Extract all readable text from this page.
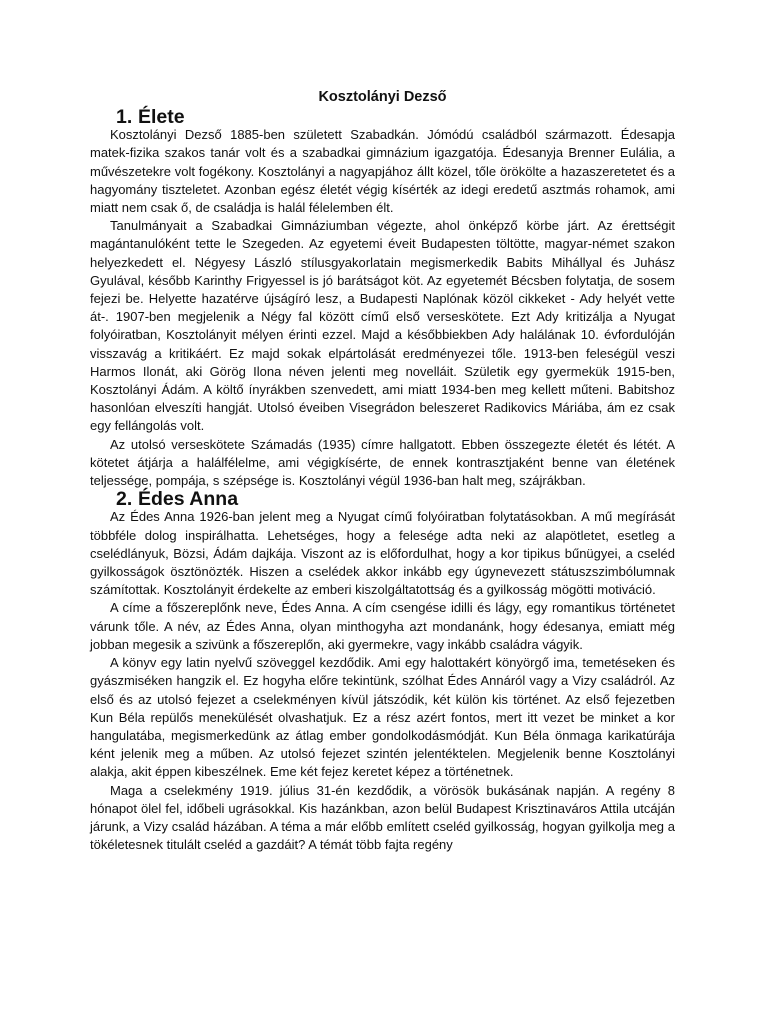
Kosztolányi Dezső
1. Élete

Kosztolányi Dezső 1885-ben született Szabadkán. Jómódú családból származott. Édesapja matek-fizika szakos tanár volt és a szabadkai gimnázium igazgatója. Édesanyja Brenner Eulália, a művészetekre volt fogékony. Kosztolányi a nagyapjához állt közel, tőle örökölte a hazaszeretetet és a hagyomány tiszteletet. Azonban egész életét végig kísérték az idegi eredetű asztmás rohamok, ami miatt nem csak ő, de családja is halál félelemben élt.

Tanulmányait a Szabadkai Gimnáziumban végezte, ahol önképző körbe járt. Az érettségit magántanulóként tette le Szegeden. Az egyetemi éveit Budapesten töltötte, magyar-német szakon helyezkedett el. Négyesy László stílusgyakorlatain megismerkedik Babits Mihállyal és Juhász Gyulával, később Karinthy Frigyessel is jó barátságot köt. Az egyetemét Bécsben folytatja, de sosem fejezi be. Helyette hazatérve újságíró lesz, a Budapesti Naplónak közöl cikkeket - Ady helyét vette át-. 1907-ben megjelenik a Négy fal között című első verseskötete. Ezt Ady kritizálja a Nyugat folyóiratban, Kosztolányit mélyen érinti ezzel. Majd a későbbiekben Ady halálának 10. évfordulóján visszavág a kritikáért. Ez majd sokak elpártolását eredményezei tőle. 1913-ben feleségül veszi Harmos Ilonát, aki Görög Ilona néven jelenti meg novelláit. Születik egy gyermekük 1915-ben, Kosztolányi Ádám. A költő ínyrákben szenvedett, ami miatt 1934-ben meg kellett műteni. Babitshoz hasonlóan elveszíti hangját. Utolsó éveiben Visegrádon beleszeret Radikovics Máriába, ám ez csak egy fellángolás volt.

Az utolsó verseskötete Számadás (1935) címre hallgatott. Ebben összegezte életét és létét. A kötetet átjárja a halálfélelme, ami végigkísérte, de ennek kontrasztjaként benne van életének teljessége, pompája, s szépsége is. Kosztolányi végül 1936-ban halt meg, szájrákban.

2. Édes Anna

Az Édes Anna 1926-ban jelent meg a Nyugat című folyóiratban folytatásokban. A mű megírását többféle dolog inspirálhatta. Lehetséges, hogy a felesége adta neki az alapötletet, esetleg a cselédlányuk, Bözsi, Ádám dajkája. Viszont az is előfordulhat, hogy a kor tipikus bűnügyei, a cseléd gyilkosságok ösztönözték. Hiszen a cselédek akkor inkább egy úgynevezett státuszszimbólumnak számítottak. Kosztolányit érdekelte az emberi kiszolgáltatottság és a gyilkosság mögötti motiváció.

A címe a főszereplőnk neve, Édes Anna. A cím csengése idilli és lágy, egy romantikus történetet várunk tőle. A név, az Édes Anna, olyan minthogyha azt mondanánk, hogy édesanya, emiatt még jobban megesik a szivünk a főszereplőn, aki gyermekre, vagy inkább családra vágyik.

A könyv egy latin nyelvű szöveggel kezdődik. Ami egy halottakért könyörgő ima, temetéseken és gyászmiséken hangzik el. Ez hogyha előre tekintünk, szólhat Édes Annáról vagy a Vizy családról. Az első és az utolsó fejezet a cselekményen kívül játszódik, két külön kis történet. Az első fejezetben Kun Béla repülős menekülését olvashatjuk. Ez a rész azért fontos, mert itt vezet be minket a kor hangulatába, megismerkedünk az átlag ember gondolkodásmódját. Kun Béla önmaga karikatúrája ként jelenik meg a műben. Az utolsó fejezet szintén jelentéktelen. Megjelenik benne Kosztolányi alakja, akit éppen kibeszélnek. Eme két fejez keretet képez a történetnek.

Maga a cselekmény 1919. július 31-én kezdődik, a vörösök bukásának napján. A regény 8 hónapot ölel fel, időbeli ugrásokkal. Kis hazánkban, azon belül Budapest Krisztinaváros Attila utcáján járunk, a Vizy család házában. A téma a már előbb említett cseléd gyilkosság, hogyan gyilkolja meg a tökéletesnek titulált cseléd a gazdáit? A témát több fajta regény
